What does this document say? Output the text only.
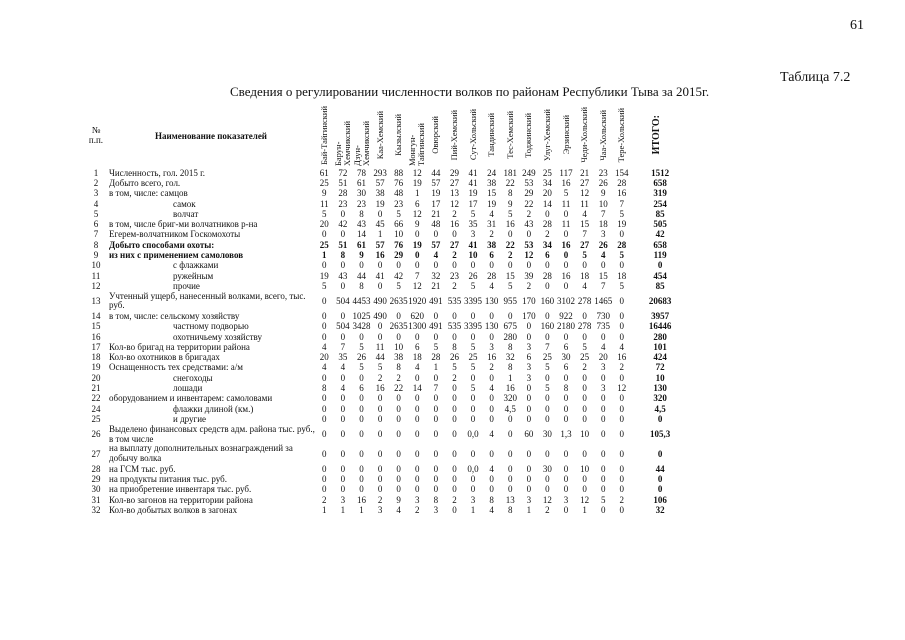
61
Таблица 7.2
Сведения о регулировании численности волков по районам Республики Тыва за 2015г.
№ п.п.	Наименование показателей	Бай-Тайгинский	Барун-Хемчикский	Дзун-Хемчикский	Каа-Хемский	Кызылский	Монгун-Тайгинский	Овюрский	Пий-Хемский	Сут-Хольский	Тандинский	Тес-Хемский	Тоджинский	Улуг-Хемский	Эрзинский	Чеди-Хольский	Чаа-Хольский	Тере-Хольский	ИТОГО:
1	Численность, гол. 2015 г.	61	72	78	293	88	12	44	29	41	24	181	249	25	117	21	23	154	1512
2	Добыто всего, гол.	25	51	61	57	76	19	57	27	41	38	22	53	34	16	27	26	28	658
3	в том, числе: самцов	9	28	30	38	48	1	19	13	19	15	8	29	20	5	12	9	16	319
4	самок	11	23	23	19	23	6	17	12	17	19	9	22	14	11	11	10	7	254
5	волчат	5	0	8	0	5	12	21	2	5	4	5	2	0	0	4	7	5	85
6	в том, числе бриг-ми волчатников р-на	20	42	43	45	66	9	48	16	35	31	16	43	28	11	15	18	19	505
7	Егерем-волчатником Госкомохоты	0	0	14	1	10	0	0	0	3	2	0	0	2	0	7	3	0	42
8	Добыто способами охоты:	25	51	61	57	76	19	57	27	41	38	22	53	34	16	27	26	28	658
9	из них с применением самоловов	1	8	9	16	29	0	4	2	10	6	2	12	6	0	5	4	5	119
10	с флажками	0	0	0	0	0	0	0	0	0	0	0	0	0	0	0	0	0	0
11	ружейным	19	43	44	41	42	7	32	23	26	28	15	39	28	16	18	15	18	454
12	прочие	5	0	8	0	5	12	21	2	5	4	5	2	0	0	4	7	5	85
13	Учтенный ущерб, нанесенный волками, всего, тыс. руб.	0	504	4453	490	2635	1920	491	535	3395	130	955	170	160	3102	278	1465	0	20683
14	в том, числе: сельскому хозяйству	0	0	1025	490	0	620	0	0	0	0	0	170	0	922	0	730	0	3957
15	частному подворью	0	504	3428	0	2635	1300	491	535	3395	130	675	0	160	2180	278	735	0	16446
16	охотничьему хозяйству	0	0	0	0	0	0	0	0	0	0	280	0	0	0	0	0	0	280
17	Кол-во бригад на территории района	4	7	5	11	10	6	5	8	5	3	8	3	7	6	5	4	4	101
18	Кол-во охотников в бригадах	20	35	26	44	38	18	28	26	25	16	32	6	25	30	25	20	16	424
19	Оснащенность тех средствами: а/м	4	4	5	5	8	4	1	5	5	2	8	3	5	6	2	3	2	72
20	снегоходы	0	0	0	2	2	0	0	2	0	0	1	3	0	0	0	0	0	10
21	лошади	8	4	6	16	22	14	7	0	5	4	16	0	5	8	0	3	12	130
22	оборудованием и инвентарем: самоловами	0	0	0	0	0	0	0	0	0	0	320	0	0	0	0	0	0	320
24	флажки длиной (км.)	0	0	0	0	0	0	0	0	0	0	4,5	0	0	0	0	0	0	4,5
25	и другие	0	0	0	0	0	0	0	0	0	0	0	0	0	0	0	0	0	0
26	Выделено финансовых средств адм. района тыс. руб., в том числе	0	0	0	0	0	0	0	0	0,0	4	0	60	30	1,3	10	0	0	105,3
27	на выплату дополнительных вознаграждений за добычу волка	0	0	0	0	0	0	0	0	0	0	0	0	0	0	0	0	0	0
28	на ГСМ тыс. руб.	0	0	0	0	0	0	0	0	0,0	4	0	0	30	0	10	0	0	44
29	на продукты питания тыс. руб.	0	0	0	0	0	0	0	0	0	0	0	0	0	0	0	0	0	0
30	на приобретение инвентаря тыс. руб.	0	0	0	0	0	0	0	0	0	0	0	0	0	0	0	0	0	0
31	Кол-во загонов на территории района	2	3	16	2	9	3	8	2	3	8	13	3	12	3	12	5	2	106
32	Кол-во добытых волков в загонах	1	1	1	3	4	2	3	0	1	4	8	1	2	0	1	0	0	32
